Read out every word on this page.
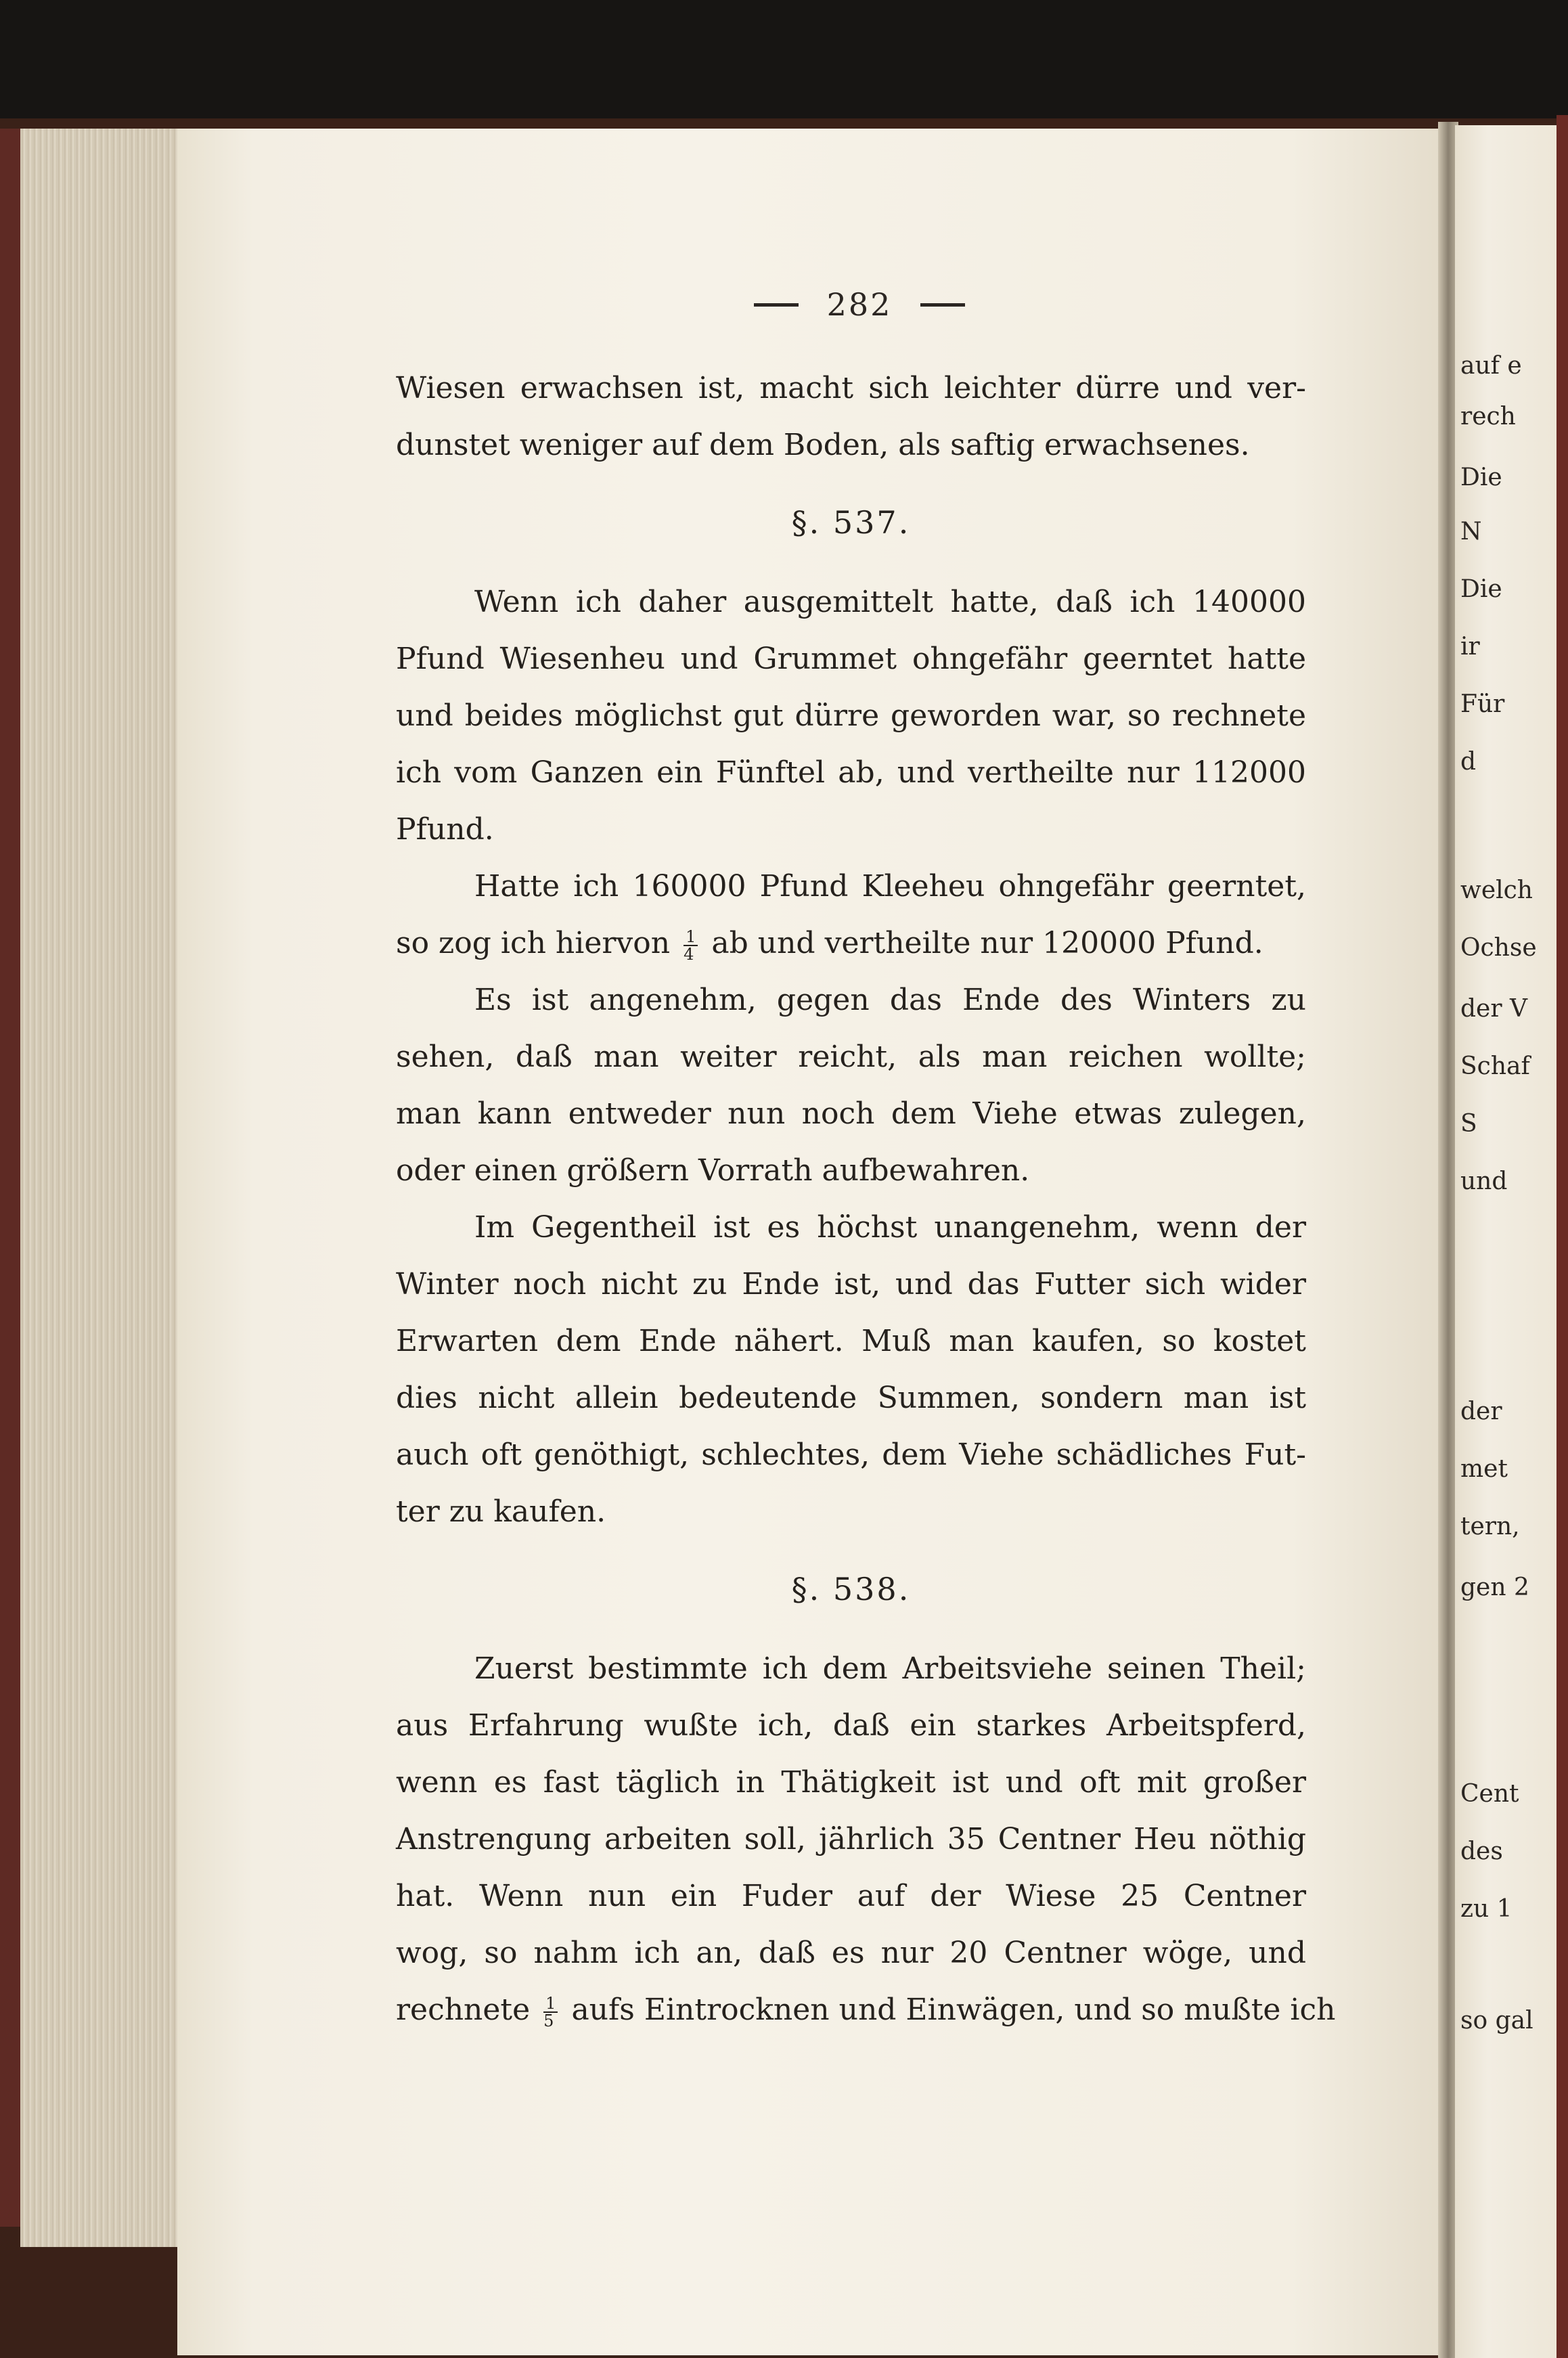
282

Wiesen erwachsen ist, macht sich leichter dürre und ver-
dunstet weniger auf dem Boden, als saftig erwachsenes.

§. 537.

Wenn ich daher ausgemittelt hatte, daß ich 140000

Pfund Wiesenheu und Grummet ohngefähr geerntet hatte
und beides möglichst gut dürre geworden war, so rechnete
ich vom Ganzen ein Fünftel ab, und vertheilte nur 112000
Pfund.

Hatte ich 160000 Pfund Kleeheu ohngefähr geerntet,

so zog ich hiervon $\frac{1}{4}$ ab und vertheilte nur 120000 Pfund.

Es ist angenehm, gegen das Ende des Winters zu

sehen, daß man weiter reicht, als man reichen wollte;
man kann entweder nun noch dem Viehe etwas zulegen,
oder einen größern Vorrath aufbewahren.

Im Gegentheil ist es höchst unangenehm, wenn der

Winter noch nicht zu Ende ist, und das Futter sich wider
Erwarten dem Ende nähert. Muß man kaufen, so kostet
dies nicht allein bedeutende Summen, sondern man ist
auch oft genöthigt, schlechtes, dem Viehe schädliches Fut-
ter zu kaufen.

§. 538.

Zuerst bestimmte ich dem Arbeitsviehe seinen Theil;

aus Erfahrung wußte ich, daß ein starkes Arbeitspferd,
wenn es fast täglich in Thätigkeit ist und oft mit großer
Anstrengung arbeiten soll, jährlich 35 Centner Heu nöthig
hat. Wenn nun ein Fuder auf der Wiese 25 Centner
wog, so nahm ich an, daß es nur 20 Centner wöge, und
rechnete $\frac{1}{5}$ aufs Eintrocknen und Einwägen, und so mußte ich

auf e
rech
Die
N
Die
ir
Für
d
welch
Ochse
der V
Schaf
S
und
der
met
tern,
gen 2
Cent
des
zu 1
so gal
